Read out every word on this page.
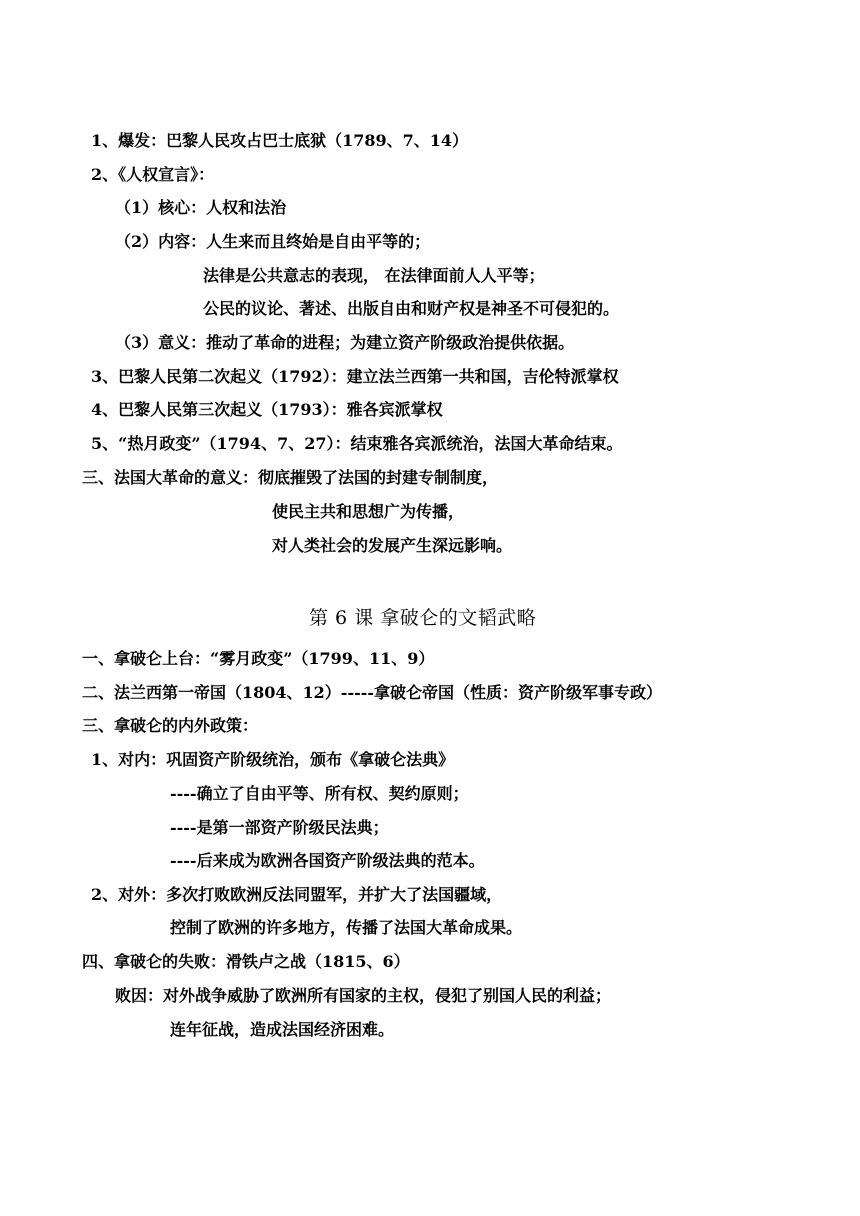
1、爆发：巴黎人民攻占巴士底狱（1789、7、14）
2、《人权宣言》：
（1）核心：人权和法治
（2）内容：人生来而且终始是自由平等的；
法律是公共意志的表现， 在法律面前人人平等；
公民的议论、著述、出版自由和财产权是神圣不可侵犯的。
（3）意义：推动了革命的进程；为建立资产阶级政治提供依据。
3、巴黎人民第二次起义（1792）：建立法兰西第一共和国，吉伦特派掌权
4、巴黎人民第三次起义（1793）：雅各宾派掌权
5、“热月政变”（1794、7、27）：结束雅各宾派统治，法国大革命结束。
三、法国大革命的意义：彻底摧毁了法国的封建专制制度，
使民主共和思想广为传播，
对人类社会的发展产生深远影响。
第 6 课 拿破仑的文韬武略
一、拿破仑上台：“雾月政变”（1799、11、9）
二、法兰西第一帝国（1804、12）-----拿破仑帝国（性质：资产阶级军事专政）
三、拿破仑的内外政策：
1、对内：巩固资产阶级统治，颁布《拿破仑法典》
----确立了自由平等、所有权、契约原则；
----是第一部资产阶级民法典；
----后来成为欧洲各国资产阶级法典的范本。
2、对外：多次打败欧洲反法同盟军，并扩大了法国疆域，
控制了欧洲的许多地方，传播了法国大革命成果。
四、拿破仑的失败：滑铁卢之战（1815、6）
败因：对外战争威胁了欧洲所有国家的主权，侵犯了别国人民的利益；
连年征战，造成法国经济困难。
